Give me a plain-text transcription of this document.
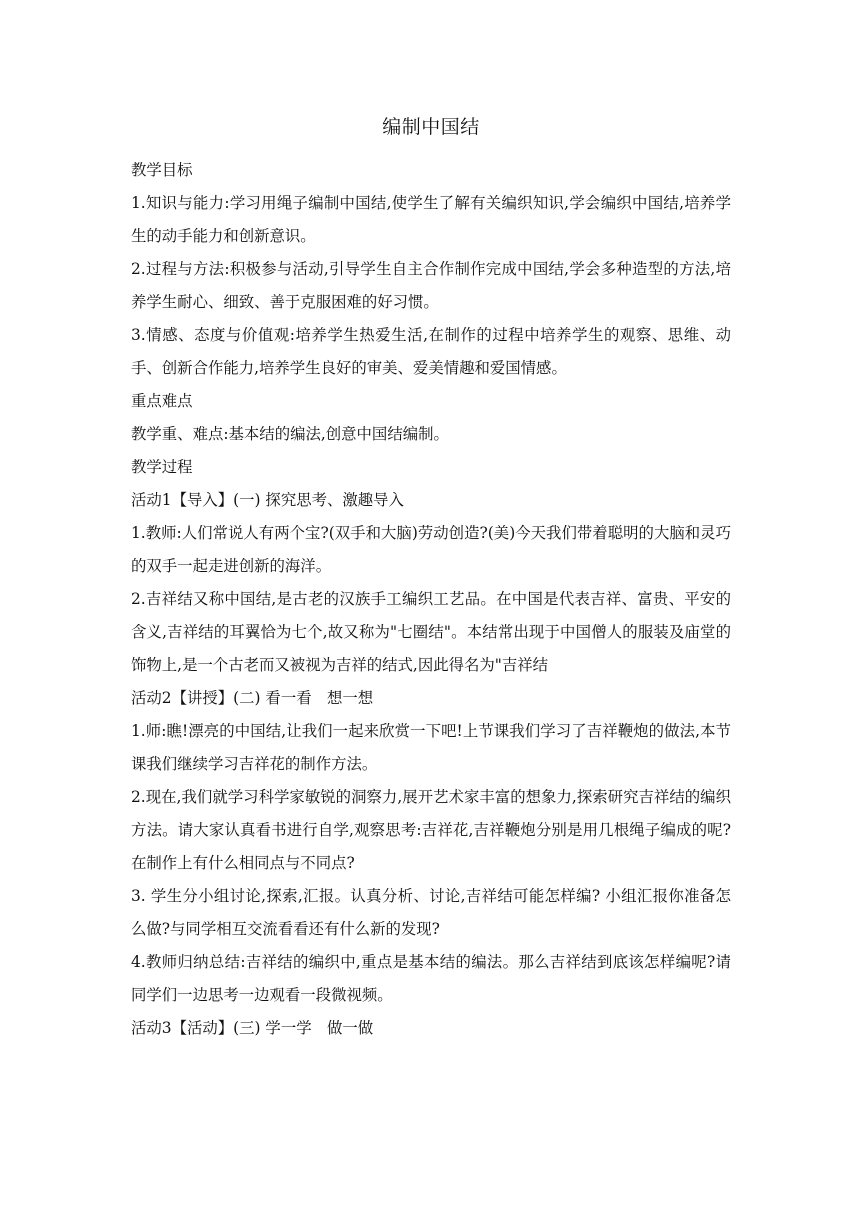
编制中国结
教学目标

1.知识与能力:学习用绳子编制中国结,使学生了解有关编织知识,学会编织中国结,培养学生的动手能力和创新意识。

2.过程与方法:积极参与活动,引导学生自主合作制作完成中国结,学会多种造型的方法,培养学生耐心、细致、善于克服困难的好习惯。

3.情感、态度与价值观:培养学生热爱生活,在制作的过程中培养学生的观察、思维、动手、创新合作能力,培养学生良好的审美、爱美情趣和爱国情感。

重点难点

教学重、难点:基本结的编法,创意中国结编制。

教学过程
活动1【导入】(一) 探究思考、激趣导入

1.教师:人们常说人有两个宝?(双手和大脑)劳动创造?(美)今天我们带着聪明的大脑和灵巧的双手一起走进创新的海洋。

2.吉祥结又称中国结,是古老的汉族手工编织工艺品。在中国是代表吉祥、富贵、平安的含义,吉祥结的耳翼恰为七个,故又称为"七圈结"。本结常出现于中国僧人的服装及庙堂的饰物上,是一个古老而又被视为吉祥的结式,因此得名为"吉祥结

活动2【讲授】(二) 看一看　想一想

1.师:瞧!漂亮的中国结,让我们一起来欣赏一下吧!上节课我们学习了吉祥鞭炮的做法,本节课我们继续学习吉祥花的制作方法。

2.现在,我们就学习科学家敏锐的洞察力,展开艺术家丰富的想象力,探索研究吉祥结的编织方法。请大家认真看书进行自学,观察思考:吉祥花,吉祥鞭炮分别是用几根绳子编成的呢?在制作上有什么相同点与不同点?

3. 学生分小组讨论,探索,汇报。认真分析、讨论,吉祥结可能怎样编? 小组汇报你准备怎么做?与同学相互交流看看还有什么新的发现?

4.教师归纳总结:吉祥结的编织中,重点是基本结的编法。那么吉祥结到底该怎样编呢?请同学们一边思考一边观看一段微视频。

活动3【活动】(三) 学一学　做一做
